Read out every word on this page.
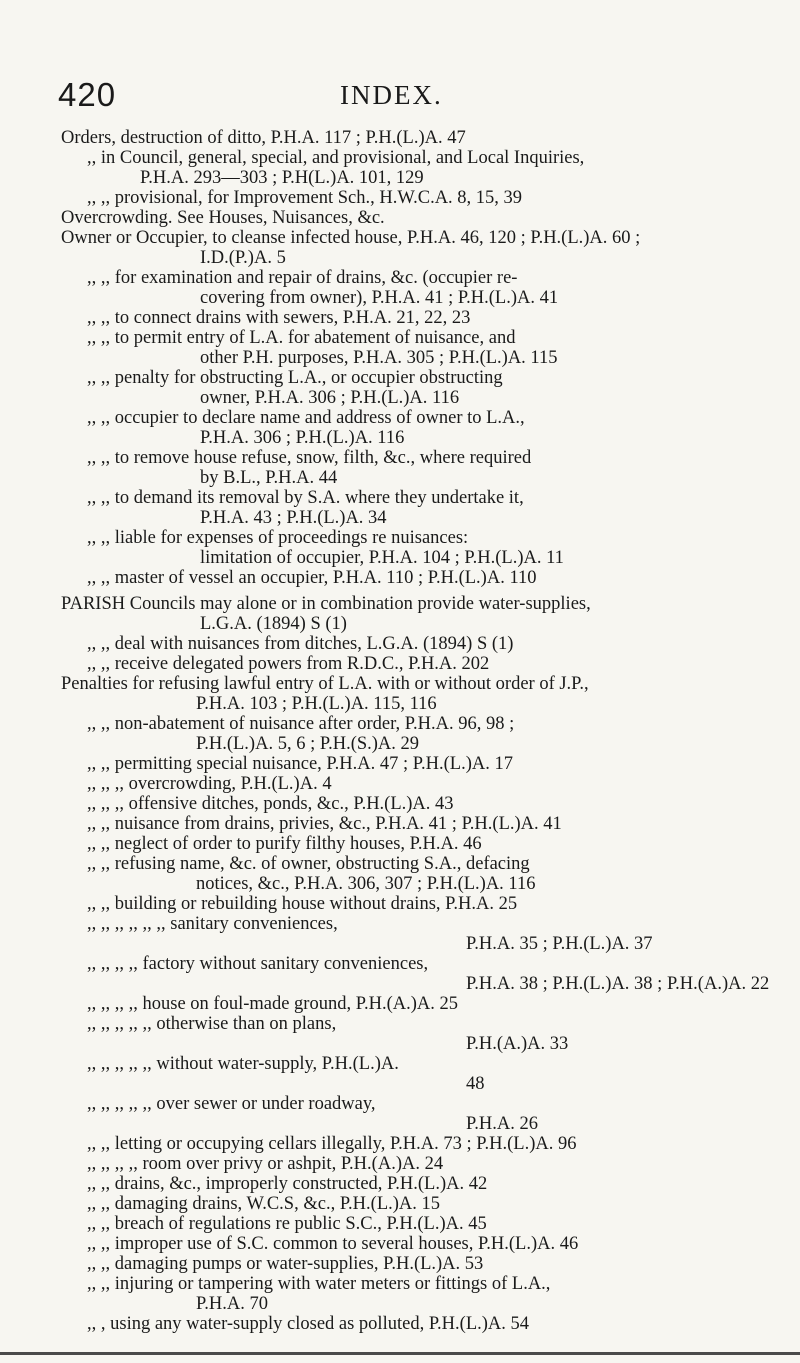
420	INDEX.
Orders, destruction of ditto, P.H.A. 117 ; P.H.(L.)A. 47
,, in Council, general, special, and provisional, and Local Inquiries,
P.H.A. 293—303 ; P.H(L.)A. 101, 129
,, ,, provisional, for Improvement Sch., H.W.C.A. 8, 15, 39
Overcrowding. See Houses, Nuisances, &c.
Owner or Occupier, to cleanse infected house, P.H.A. 46, 120 ; P.H.(L.)A. 60 ;
I.D.(P.)A. 5
,, ,, for examination and repair of drains, &c. (occupier re-
covering from owner), P.H.A. 41 ; P.H.(L.)A. 41
,, ,, to connect drains with sewers, P.H.A. 21, 22, 23
,, ,, to permit entry of L.A. for abatement of nuisance, and
other P.H. purposes, P.H.A. 305 ; P.H.(L.)A. 115
,, ,, penalty for obstructing L.A., or occupier obstructing
owner, P.H.A. 306 ; P.H.(L.)A. 116
,, ,, occupier to declare name and address of owner to L.A.,
P.H.A. 306 ; P.H.(L.)A. 116
,, ,, to remove house refuse, snow, filth, &c., where required
by B.L., P.H.A. 44
,, ,, to demand its removal by S.A. where they undertake it,
P.H.A. 43 ; P.H.(L.)A. 34
,, ,, liable for expenses of proceedings re nuisances:
limitation of occupier, P.H.A. 104 ; P.H.(L.)A. 11
,, ,, master of vessel an occupier, P.H.A. 110 ; P.H.(L.)A. 110
PARISH Councils may alone or in combination provide water-supplies,
L.G.A. (1894) S (1)
,, ,, deal with nuisances from ditches, L.G.A. (1894) S (1)
,, ,, receive delegated powers from R.D.C., P.H.A. 202
Penalties for refusing lawful entry of L.A. with or without order of J.P.,
P.H.A. 103 ; P.H.(L.)A. 115, 116
,, ,, non-abatement of nuisance after order, P.H.A. 96, 98 ;
P.H.(L.)A. 5, 6 ; P.H.(S.)A. 29
,, ,, permitting special nuisance, P.H.A. 47 ; P.H.(L.)A. 17
,, ,, ,, overcrowding, P.H.(L.)A. 4
,, ,, ,, offensive ditches, ponds, &c., P.H.(L.)A. 43
,, ,, nuisance from drains, privies, &c., P.H.A. 41 ; P.H.(L.)A. 41
,, ,, neglect of order to purify filthy houses, P.H.A. 46
,, ,, refusing name, &c. of owner, obstructing S.A., defacing
notices, &c., P.H.A. 306, 307 ; P.H.(L.)A. 116
,, ,, building or rebuilding house without drains, P.H.A. 25
,, ,, ,, ,, ,, ,, sanitary conveniences,
P.H.A. 35 ; P.H.(L.)A. 37
,, ,, ,, ,, factory without sanitary conveniences,
P.H.A. 38 ; P.H.(L.)A. 38 ; P.H.(A.)A. 22
,, ,, ,, ,, house on foul-made ground, P.H.(A.)A. 25
,, ,, ,, ,, ,, otherwise than on plans,
P.H.(A.)A. 33
,, ,, ,, ,, ,, without water-supply, P.H.(L.)A.
48
,, ,, ,, ,, ,, over sewer or under roadway,
P.H.A. 26
,, ,, letting or occupying cellars illegally, P.H.A. 73 ; P.H.(L.)A. 96
,, ,, ,, ,, room over privy or ashpit, P.H.(A.)A. 24
,, ,, drains, &c., improperly constructed, P.H.(L.)A. 42
,, ,, damaging drains, W.C.S, &c., P.H.(L.)A. 15
,, ,, breach of regulations re public S.C., P.H.(L.)A. 45
,, ,, improper use of S.C. common to several houses, P.H.(L.)A. 46
,, ,, damaging pumps or water-supplies, P.H.(L.)A. 53
,, ,, injuring or tampering with water meters or fittings of L.A.,
P.H.A. 70
,, , using any water-supply closed as polluted, P.H.(L.)A. 54
